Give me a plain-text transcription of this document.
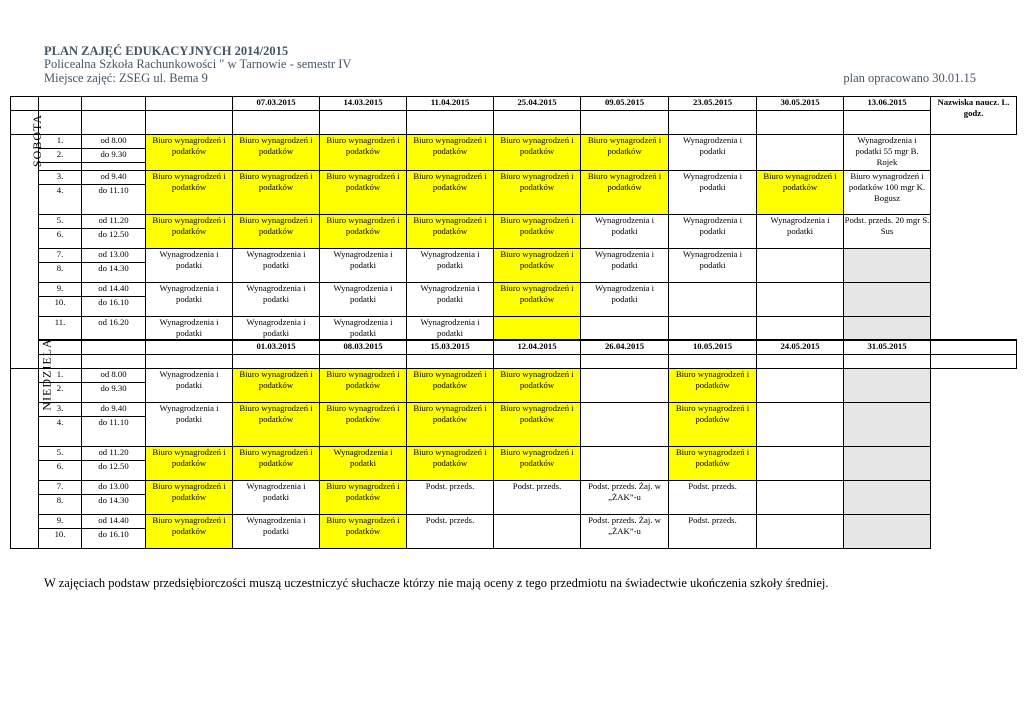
PLAN ZAJĘĆ EDUKACYJNYCH 2014/2015
Policealna Szkoła Rachunkowości " w Tarnowie - semestr IV
Miejsce zajęć: ZSEG ul. Bema 9	plan opracowano 30.01.15
				07.03.2015	14.03.2015	11.04.2015	25.04.2015	09.05.2015	23.05.2015	30.05.2015	13.06.2015	Nazwiska naucz. L. godz.	

SOBOTA	1.	od 8.00	Biuro wynagrodzeń i podatków	Biuro wynagrodzeń i podatków	Biuro wynagrodzeń i podatków	Biuro wynagrodzeń i podatków	Biuro wynagrodzeń i podatków	Biuro wynagrodzeń i podatków	Wynagrodzenia i podatki		Wynagrodzenia i podatki 55 mgr B. Rojek		
	2.	do 9.30											

	3.	od 9.40	Biuro wynagrodzeń i podatków	Biuro wynagrodzeń i podatków	Biuro wynagrodzeń i podatków	Biuro wynagrodzeń i podatków	Biuro wynagrodzeń i podatków	Biuro wynagrodzeń i podatków	Wynagrodzenia i podatki	Biuro wynagrodzeń i podatków	Biuro wynagrodzeń i podatków 100 mgr K. Bogusz		
	4.	do 11.10											
	5.	od 11.20	Biuro wynagrodzeń i podatków	Biuro wynagrodzeń i podatków	Biuro wynagrodzeń i podatków	Biuro wynagrodzeń i podatków	Biuro wynagrodzeń i podatków	Wynagrodzenia i podatki	Wynagrodzenia i podatki	Wynagrodzenia i podatki	Podst. przeds. 20 mgr S. Sus		
	6.	do 12.50											
	7.	od 13.00	Wynagrodzenia i podatki	Wynagrodzenia i podatki	Wynagrodzenia i podatki	Wynagrodzenia i podatki	Biuro wynagrodzeń i podatków	Wynagrodzenia i podatki	Wynagrodzenia i podatki				
	8.	do 14.30											
	9.	od 14.40	Wynagrodzenia i podatki	Wynagrodzenia i podatki	Wynagrodzenia i podatki	Wynagrodzenia i podatki	Biuro wynagrodzeń i podatków	Wynagrodzenia i podatki					
	10.	do 16.10											
	11.	od 16.20	Wynagrodzenia i podatki	Wynagrodzenia i podatki	Wynagrodzenia i podatki	Wynagrodzenia i podatki							

				01.03.2015	08.03.2015	15.03.2015	12.04.2015	26.04.2015	10.05.2015	24.05.2015	31.05.2015		

NIEDZIELA	1.	od 8.00	Wynagrodzenia i podatki	Biuro wynagrodzeń i podatków	Biuro wynagrodzeń i podatków	Biuro wynagrodzeń i podatków	Biuro wynagrodzeń i podatków		Biuro wynagrodzeń i podatków				
	2.	do 9.30											
	3.	do 9.40	Wynagrodzenia i podatki	Biuro wynagrodzeń i podatków	Biuro wynagrodzeń i podatków	Biuro wynagrodzeń i podatków	Biuro wynagrodzeń i podatków		Biuro wynagrodzeń i podatków				
	4.	do 11.10											
	5.	od 11.20	Biuro wynagrodzeń i podatków	Biuro wynagrodzeń i podatków	Wynagrodzenia i podatki	Biuro wynagrodzeń i podatków	Biuro wynagrodzeń i podatków		Biuro wynagrodzeń i podatków				
	6.	do 12.50											
	7.	do 13.00	Biuro wynagrodzeń i podatków	Wynagrodzenia i podatki	Biuro wynagrodzeń i podatków	Podst. przeds.	Podst. przeds.	Podst. przeds. Żaj. w „ŻAK”-u	Podst. przeds.				
	8.	do 14.30											
	9.	od 14.40	Biuro wynagrodzeń i podatków	Wynagrodzenia i podatki	Biuro wynagrodzeń i podatków	Podst. przeds.		Podst. przeds. Żaj. w „ŻAK”-u	Podst. przeds.				
	10.	do 16.10											
W zajęciach podstaw przedsiębiorczości muszą uczestniczyć słuchacze którzy nie mają oceny z tego przedmiotu na świadectwie ukończenia szkoły średniej.
